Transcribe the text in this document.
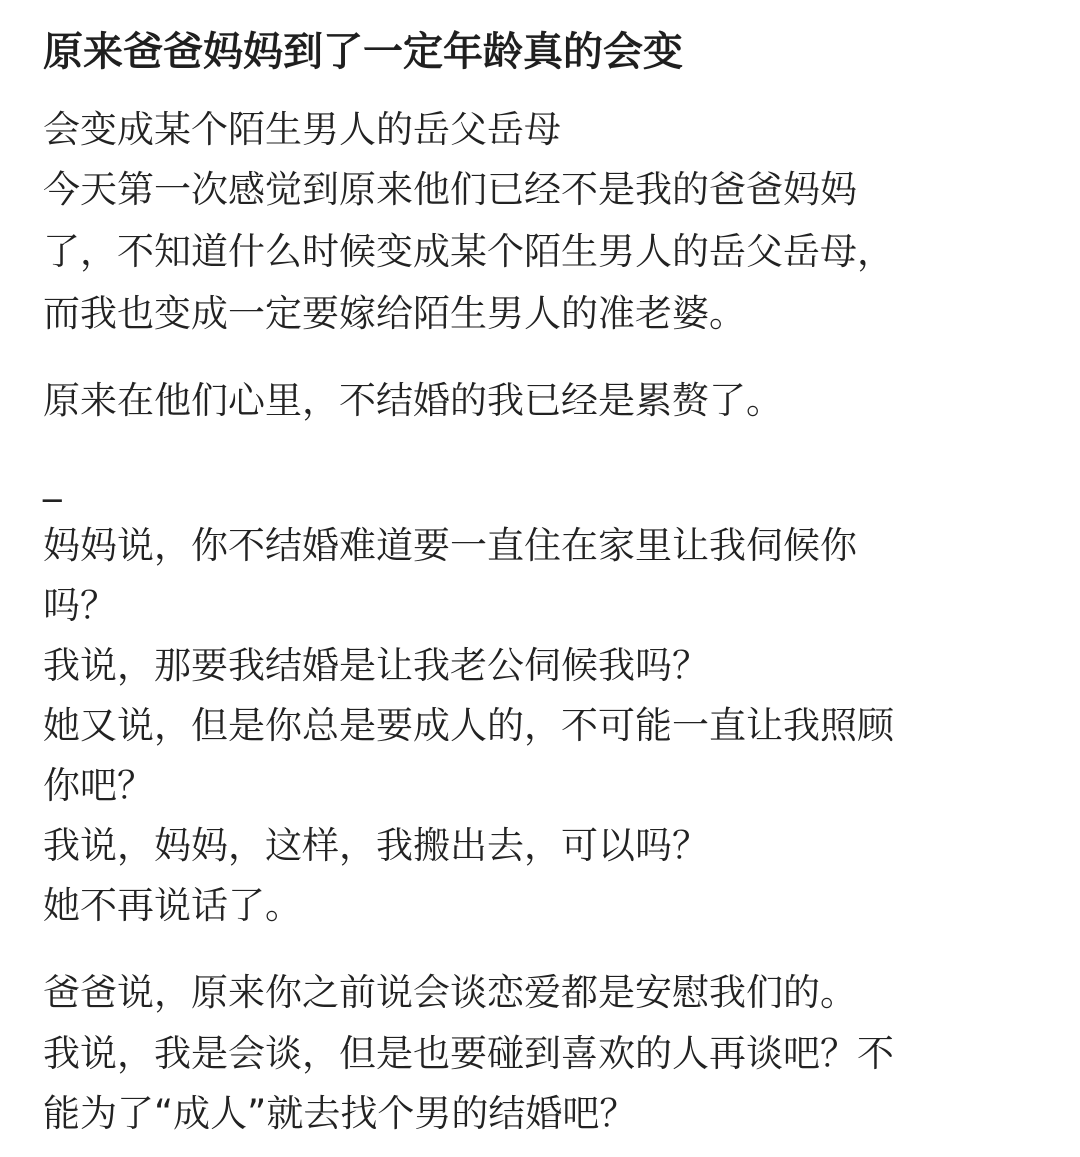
原来爸爸妈妈到了一定年龄真的会变
会变成某个陌生男人的岳父岳母
今天第一次感觉到原来他们已经不是我的爸爸妈妈
了，不知道什么时候变成某个陌生男人的岳父岳母，
而我也变成一定要嫁给陌生男人的准老婆。
原来在他们心里，不结婚的我已经是累赘了。
_
妈妈说，你不结婚难道要一直住在家里让我伺候你
吗？
我说，那要我结婚是让我老公伺候我吗？
她又说，但是你总是要成人的，不可能一直让我照顾
你吧？
我说，妈妈，这样，我搬出去，可以吗？
她不再说话了。
爸爸说，原来你之前说会谈恋爱都是安慰我们的。
我说，我是会谈，但是也要碰到喜欢的人再谈吧？不
能为了“成人”就去找个男的结婚吧？
